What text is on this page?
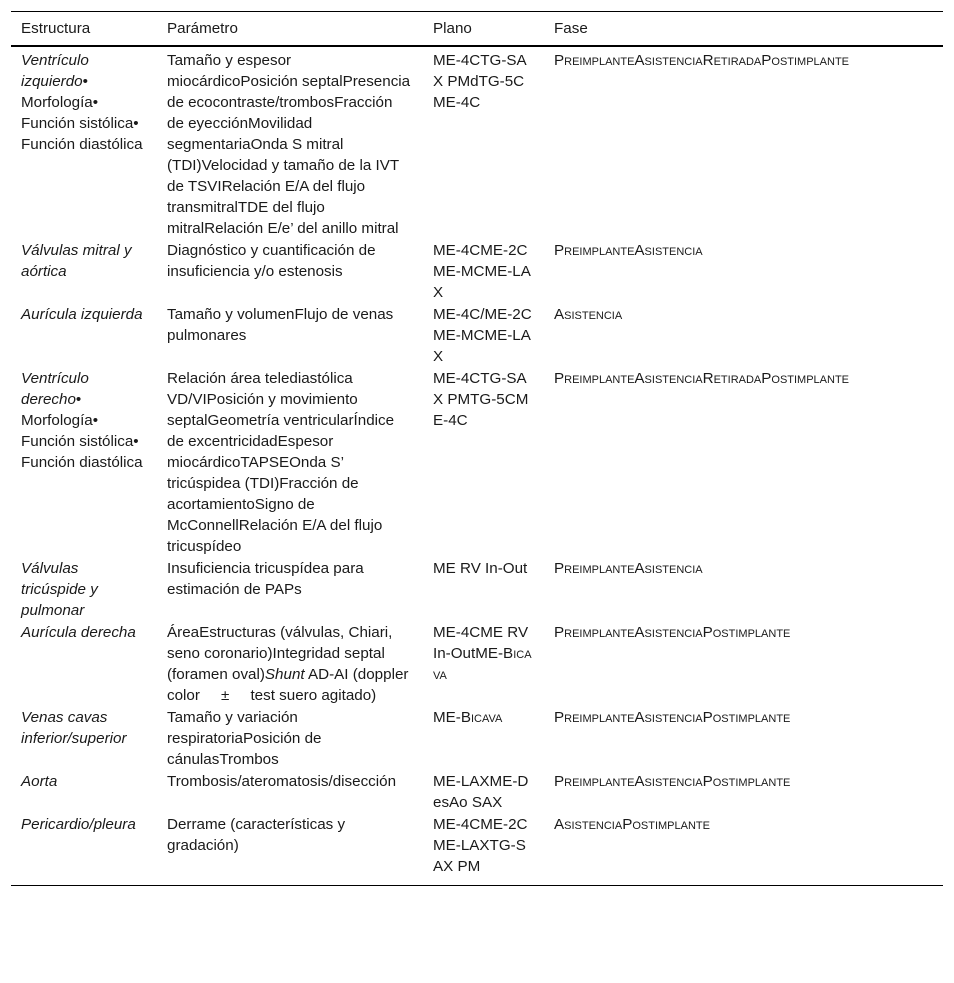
Estructura	Parámetro	Plano	Fase
Ventrículo izquierdo• Morfología• Función sistólica• Función diastólica	Tamaño y espesor miocárdicoPosición septalPresencia de ecocontraste/trombosFracción de eyecciónMovilidad segmentariaOnda S mitral (TDI)Velocidad y tamaño de la IVT de TSVIRelación E/A del flujo transmitralTDE del flujo mitralRelación E/e’ del anillo mitral	ME-4CTG-SAX PMdTG-5CME-4C	PreimplanteAsistenciaRetiradaPostimplante
Válvulas mitral y aórtica	Diagnóstico y cuantificación de insuficiencia y/o estenosis	ME-4CME-2CME-MCME-LAX	PreimplanteAsistencia
Aurícula izquierda	Tamaño y volumenFlujo de venas pulmonares	ME-4C/ME-2CME-MCME-LAX	Asistencia
Ventrículo derecho• Morfología• Función sistólica• Función diastólica	Relación área telediastólica VD/VIPosición y movimiento septalGeometría ventricularÍndice de excentricidadEspesor miocárdicoTAPSEOnda S’ tricúspidea (TDI)Fracción de acortamientoSigno de McConnellRelación E/A del flujo tricuspídeo	ME-4CTG-SAX PMTG-5CME-4C	PreimplanteAsistenciaRetiradaPostimplante
Válvulas tricúspide y pulmonar	Insuficiencia tricuspídea para estimación de PAPs	ME RV In-Out	PreimplanteAsistencia
Aurícula derecha	ÁreaEstructuras (válvulas, Chiari, seno coronario)Integridad septal (foramen oval)Shunt AD-AI (doppler color     ±     test suero agitado)	ME-4CME RV In-OutME-Bicava	PreimplanteAsistenciaPostimplante
Venas cavas inferior/superior	Tamaño y variación respiratoriaPosición de cánulasTrombos	ME-Bicava	PreimplanteAsistenciaPostimplante
Aorta	Trombosis/ateromatosis/disección	ME-LAXME-DesAo SAX	PreimplanteAsistenciaPostimplante
Pericardio/pleura	Derrame (características y gradación)	ME-4CME-2CME-LAXTG-SAX PM	AsistenciaPostimplante
